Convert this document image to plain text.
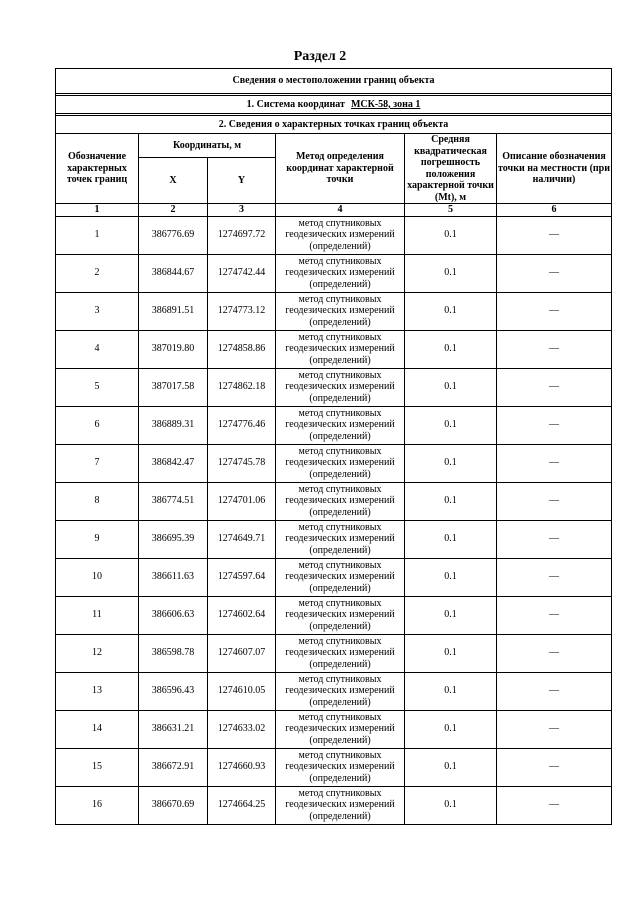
Раздел 2
Сведения о местоположении границ объекта					

1. Система координат МСК-58, зона 1					

2. Сведения о характерных точках границ объекта					
Обозначение характерных точек границ	Координаты, м		Метод определения координат характерной точки	Средняя квадратическая погрешность положения характерной точки (Mt), м	Описание обозначения точки на местности (при наличии)
	X	Y			
1	2	3	4	5	6
1	386776.69	1274697.72	метод спутниковых геодезических измерений (определений)	0.1	—
2	386844.67	1274742.44	метод спутниковых геодезических измерений (определений)	0.1	—
3	386891.51	1274773.12	метод спутниковых геодезических измерений (определений)	0.1	—
4	387019.80	1274858.86	метод спутниковых геодезических измерений (определений)	0.1	—
5	387017.58	1274862.18	метод спутниковых геодезических измерений (определений)	0.1	—
6	386889.31	1274776.46	метод спутниковых геодезических измерений (определений)	0.1	—
7	386842.47	1274745.78	метод спутниковых геодезических измерений (определений)	0.1	—
8	386774.51	1274701.06	метод спутниковых геодезических измерений (определений)	0.1	—
9	386695.39	1274649.71	метод спутниковых геодезических измерений (определений)	0.1	—
10	386611.63	1274597.64	метод спутниковых геодезических измерений (определений)	0.1	—
11	386606.63	1274602.64	метод спутниковых геодезических измерений (определений)	0.1	—
12	386598.78	1274607.07	метод спутниковых геодезических измерений (определений)	0.1	—
13	386596.43	1274610.05	метод спутниковых геодезических измерений (определений)	0.1	—
14	386631.21	1274633.02	метод спутниковых геодезических измерений (определений)	0.1	—
15	386672.91	1274660.93	метод спутниковых геодезических измерений (определений)	0.1	—
16	386670.69	1274664.25	метод спутниковых геодезических измерений (определений)	0.1	—
